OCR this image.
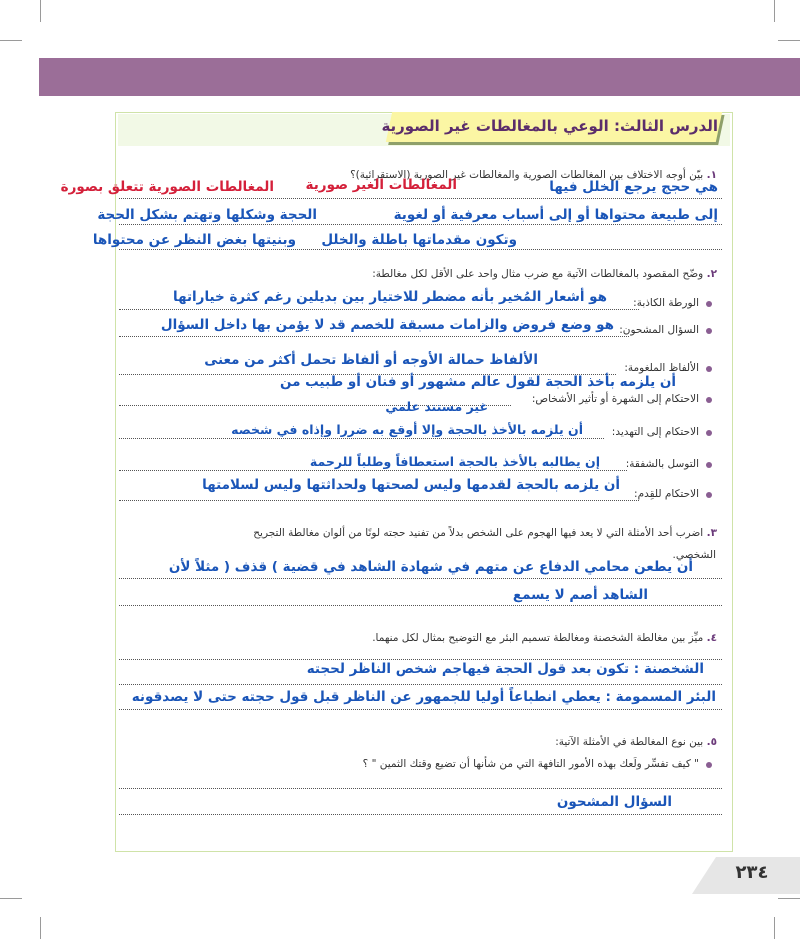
الدرس الثالث: الوعي بالمغالطات غير الصورية
١. بيّن أوجه الاختلاف بين المغالطات الصورية والمغالطات غير الصورية (الاستقرائية)؟
المغالطات الصورية تتعلق بصورة المغالطات الغير صورية	هي حجج يرجع الخلل فيها
الحجة وشكلها وتهتم بشكل الحجة	إلى طبيعة محتواها أو إلى أسباب معرفية أو لغوية
وبنيتها بغض النظر عن محتواها وتكون مقدماتها باطلة والخلل
٢. وضّح المقصود بالمغالطات الآتية مع ضرب مثال واحد على الأقل لكل مغالطة:
الورطة الكاذبة:
هو أشعار المُخير بأنه مضطر للاختيار بين بديلين رغم كثرة خياراتها
السؤال المشحون:
هو وضع فروض والزامات مسبقة للخصم قد لا يؤمن بها داخل السؤال
الألفاظ الملغومة:
الألفاظ حمالة الأوجه أو ألفاظ تحمل أكثر من معنى
أن يلزمه بأخذ الحجة لقول عالم مشهور أو فنان أو طبيب من
الاحتكام إلى الشهرة أو تأثير الأشخاص:
غير مستند علمي
الاحتكام إلى التهديد:
أن يلزمه بالأخذ بالحجة وإلا أوقع به ضررا وإذاه في شخصه
التوسل بالشفقة:
إن يطالبه بالأخذ بالحجة استعطافاً وطلباً للرحمة
الاحتكام للقِدم:
أن يلزمه بالحجة لقدمها وليس لصحتها ولحداثتها وليس لسلامتها
٣. اضرب أحد الأمثلة التي لا يعد فيها الهجوم على الشخص بدلاً من تفنيد حجته لونًا من ألوان مغالطة التجريح
الشخصي.
أن يطعن محامي الدفاع عن متهم في شهادة الشاهد في قضية ) قذف ( مثلاً لأن
الشاهد أصم لا يسمع
٤. ميِّز بين مغالطة الشخصنة ومغالطة تسميم البئر مع التوضيح بمثال لكل منهما.
الشخصنة : تكون بعد قول الحجة فيهاجم شخص الناظر لحجته
البئر المسمومة : يعطي انطباعاً أوليا للجمهور عن الناظر قبل قول حجته حتى لا يصدقونه
٥. بين نوع المغالطة في الأمثلة الآتية:
" كيف تفسِّر ولَعك بهذه الأمور التافهة التي من شأنها أن تضيع وقتك الثمين " ؟
السؤال المشحون
٢٣٤
